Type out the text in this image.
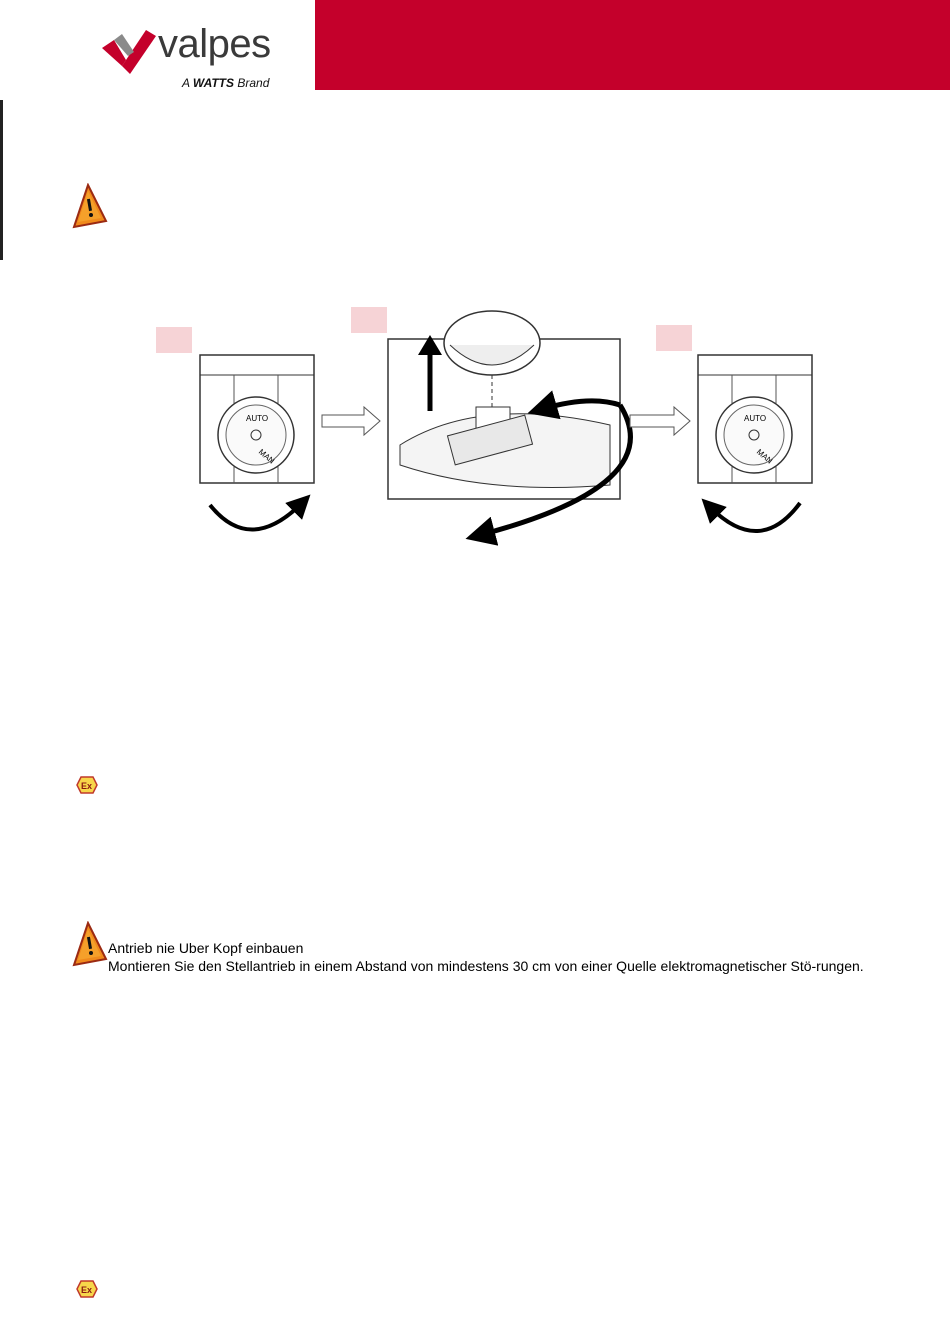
valpes
A WATTS Brand
AUTO
MAN
AUTO
MAN
Ex
Antrieb nie Uber Kopf einbauen
Montieren Sie den Stellantrieb in einem Abstand von mindestens 30 cm von einer Quelle elektromagnetischer Stö-rungen.
Ex
